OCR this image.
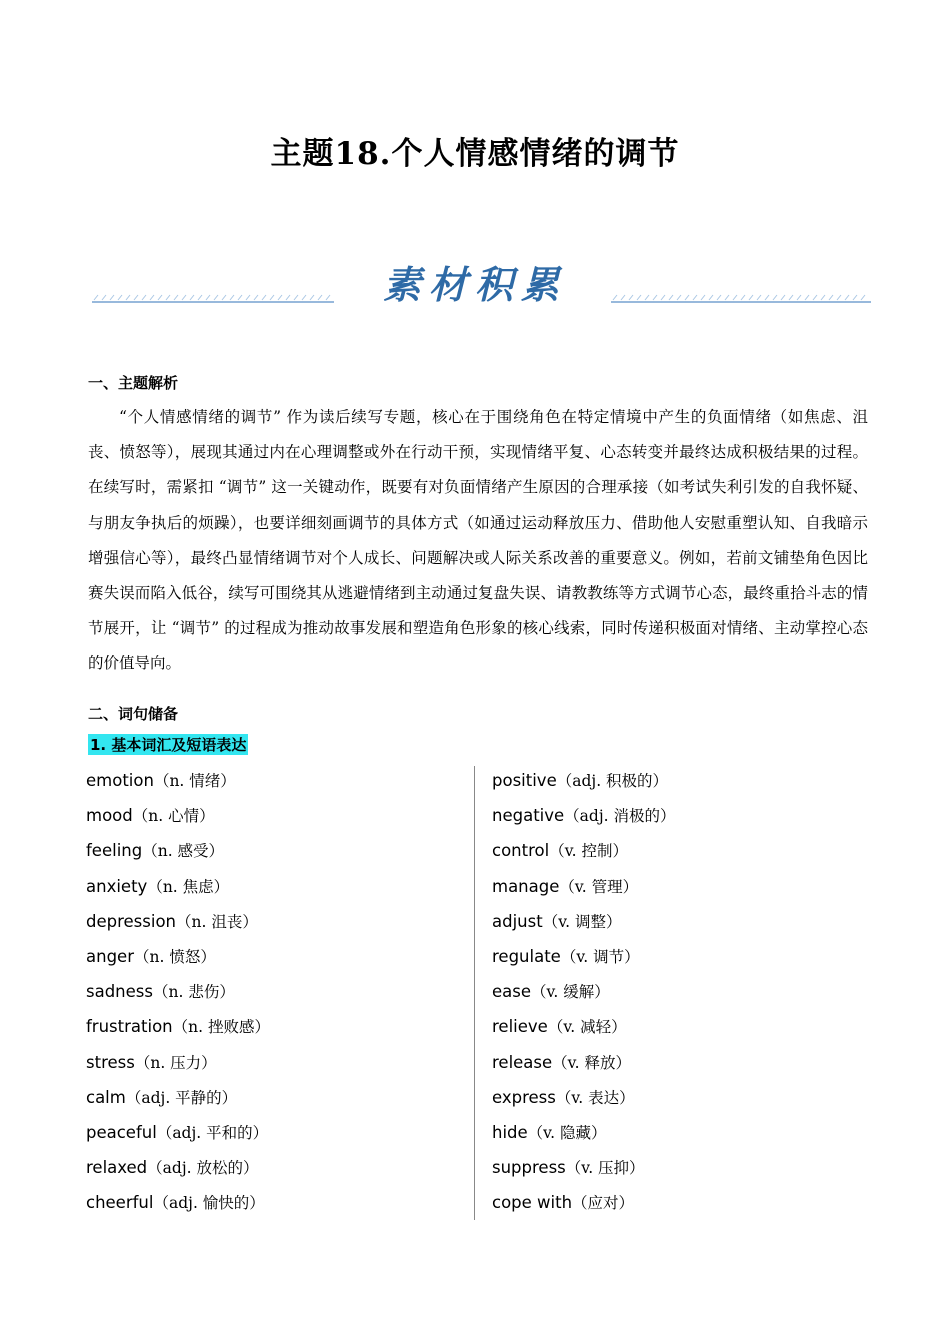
主题18.个人情感情绪的调节
素材积累
一、主题解析

“个人情感情绪的调节” 作为读后续写专题，核心在于围绕角色在特定情境中产生的负面情绪（如焦虑、沮丧、愤怒等），展现其通过内在心理调整或外在行动干预，实现情绪平复、心态转变并最终达成积极结果的过程。在续写时，需紧扣 “调节” 这一关键动作，既要有对负面情绪产生原因的合理承接（如考试失利引发的自我怀疑、与朋友争执后的烦躁），也要详细刻画调节的具体方式（如通过运动释放压力、借助他人安慰重塑认知、自我暗示增强信心等），最终凸显情绪调节对个人成长、问题解决或人际关系改善的重要意义。例如，若前文铺垫角色因比赛失误而陷入低谷，续写可围绕其从逃避情绪到主动通过复盘失误、请教教练等方式调节心态，最终重拾斗志的情节展开，让 “调节” 的过程成为推动故事发展和塑造角色形象的核心线索，同时传递积极面对情绪、主动掌控心态的价值导向。

二、词句储备
1. 基本词汇及短语表达
emotion（n. 情绪）
mood（n. 心情）
feeling（n. 感受）
anxiety（n. 焦虑）
depression（n. 沮丧）
anger（n. 愤怒）
sadness（n. 悲伤）
frustration（n. 挫败感）
stress（n. 压力）
calm（adj. 平静的）
peaceful（adj. 平和的）
relaxed（adj. 放松的）
cheerful（adj. 愉快的）
positive（adj. 积极的）
negative（adj. 消极的）
control（v. 控制）
manage（v. 管理）
adjust（v. 调整）
regulate（v. 调节）
ease（v. 缓解）
relieve（v. 减轻）
release（v. 释放）
express（v. 表达）
hide（v. 隐藏）
suppress（v. 压抑）
cope with（应对）
